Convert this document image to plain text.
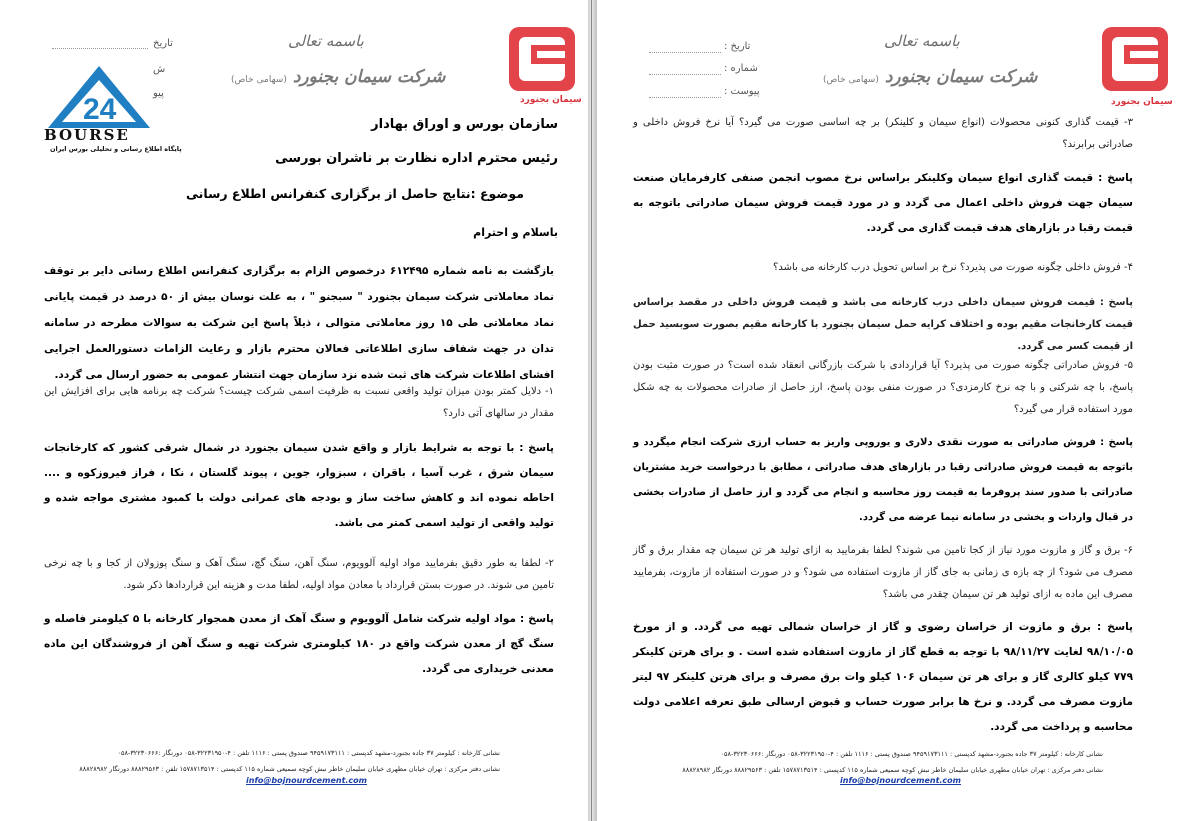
سیمان بجنورد
باسمه تعالی
شرکت سیمان بجنورد(سهامی خاص)
تاریخ
ش
پیو
24
BOURSE
پایگاه اطلاع رسانی و تحلیلی بورس ایران
سازمان بورس و اوراق بهادار
رئیس محترم اداره نظارت بر ناشران بورسی
موضوع :نتایج حاصل از برگزاری کنفرانس اطلاع رسانی
باسلام و احترام
بازگشت به نامه شماره ۶۱۲۴۹۵ درخصوص الزام به برگزاری کنفرانس اطلاع رسانی دایر بر توقف نماد معاملاتی شرکت سیمان بجنورد " سبجنو " ، به علت نوسان بیش از ۵۰ درصد در قیمت پایانی نماد معاملاتی طی ۱۵ روز معاملاتی متوالی ، ذیلاً پاسخ این شرکت به سوالات مطرحه در سامانه تدان در جهت شفاف سازی اطلاعاتی فعالان محترم بازار و رعایت الزامات دستورالعمل اجرایی افشای اطلاعات شرکت های ثبت شده نزد سازمان جهت انتشار عمومی به حضور ارسال می گردد.
۱- دلایل کمتر بودن میزان تولید واقعی نسبت به ظرفیت اسمی شرکت چیست؟ شرکت چه برنامه هایی برای افزایش این مقدار در سالهای آتی دارد؟
پاسخ : با توجه به شرایط بازار و واقع شدن سیمان بجنورد در شمال شرقی کشور که کارخانجات سیمان شرق ، غرب آسیا ، باقران ، سبزوار، جوین ، پیوند گلستان ، نکا ، فراز فیروزکوه و .... احاطه نموده اند و کاهش ساخت ساز و بودجه های عمرانی دولت با کمبود مشتری مواجه شده و تولید واقعی از تولید اسمی کمتر می باشد.
۲- لطفا به طور دقیق بفرمایید مواد اولیه آلوویوم، سنگ آهن، سنگ گچ، سنگ آهک و سنگ پوزولان از کجا و با چه نرخی تامین می شوند. در صورت بستن قرارداد با معادن مواد اولیه، لطفا مدت و هزینه این قراردادها ذکر شود.
پاسخ : مواد اولیه شرکت شامل آلوویوم و سنگ آهک از معدن همجوار کارخانه با ۵ کیلومتر فاصله و سنگ گچ از معدن شرکت واقع در ۱۸۰ کیلومتری شرکت تهیه و سنگ آهن از فروشندگان این ماده معدنی خریداری می گردد.
نشانی کارخانه : کیلومتر ۳۷ جاده بجنورد-مشهد کدپستی : ۹۴۵۹۱۷۳۱۱۱ صندوق پستی : ۱۱۱۶ تلفن : ۴-۳۲۲۳۱۹۵۰-۰۵۸ دورنگار :۳۲۲۳۰۶۶۶-۰۵۸
نشانی دفتر مرکزی : تهران خیابان مطهری خیابان سلیمان خاطر نبش کوچه سمیعی شماره ۱۱۵ کدپستی : ۱۵۷۸۷۱۳۵۱۴ تلفن : ۸۸۸۲۹۵۶۳ دورنگار ۸۸۸۲۸۹۸۲
info@bojnourdcement.com
سیمان بجنورد
باسمه تعالی
شرکت سیمان بجنورد(سهامی خاص)
تاریخ :
شماره :
پیوست :
۳- قیمت گذاری کنونی محصولات (انواع سیمان و کلینکر) بر چه اساسی صورت می گیرد؟ آیا نرخ فروش داخلی و صادراتی برابرند؟
پاسخ : قیمت گذاری انواع سیمان وکلینکر براساس نرخ مصوب انجمن صنفی کارفرمایان صنعت سیمان جهت فروش داخلی اعمال می گردد و در مورد قیمت فروش سیمان صادراتی باتوجه به قیمت رقبا در بازارهای هدف قیمت گذاری می گردد.
۴- فروش داخلی چگونه صورت می پذیرد؟ نرخ بر اساس تحویل درب کارخانه می باشد؟
پاسخ : قیمت فروش سیمان داخلی درب کارخانه می باشد و قیمت فروش داخلی در مقصد براساس قیمت کارخانجات مقیم بوده و اختلاف کرایه حمل سیمان بجنورد با کارخانه مقیم بصورت سوبسید حمل از قیمت کسر می گردد.
۵- فروش صادراتی چگونه صورت می پذیرد؟ آیا قراردادی با شرکت بازرگانی انعقاد شده است؟ در صورت مثبت بودن پاسخ، با چه شرکتی و با چه نرخ کارمزدی؟ در صورت منفی بودن پاسخ، ارز حاصل از صادرات محصولات به چه شکل مورد استفاده قرار می گیرد؟
پاسخ : فروش صادراتی به صورت نقدی دلاری و یوروپی واریز به حساب ارزی شرکت انجام میگردد و باتوجه به قیمت فروش صادراتی رقبا در بازارهای هدف صادراتی ، مطابق با درخواست خرید مشتریان صادراتی با صدور سند پروفرما به قیمت روز محاسبه و انجام می گردد و ارز حاصل از صادرات بخشی در قبال واردات و بخشی در سامانه نیما عرضه می گردد.
۶- برق و گاز و مازوت مورد نیاز از کجا تامین می شوند؟ لطفا بفرمایید به ازای تولید هر تن سیمان چه مقدار برق و گاز مصرف می شود؟ از چه بازه ی زمانی به جای گاز از مازوت استفاده می شود؟ و در صورت استفاده از مازوت، بفرمایید مصرف این ماده به ازای تولید هر تن سیمان چقدر می باشد؟
پاسخ : برق و مازوت از خراسان رضوی و گاز از خراسان شمالی تهیه می گردد. و از مورخ ۹۸/۱۰/۰۵ لغایت ۹۸/۱۱/۲۷ با توجه به قطع گاز از مازوت استفاده شده است . و برای هرتن کلینکر ۷۷۹ کیلو کالری گاز و برای هر تن سیمان ۱۰۶ کیلو وات برق مصرف و برای هرتن کلینکر ۹۷ لیتر مازوت مصرف می گردد. و نرخ ها برابر صورت حساب و قبوض ارسالی طبق تعرفه اعلامی دولت محاسبه و پرداخت می گردد.
نشانی کارخانه : کیلومتر ۳۷ جاده بجنورد-مشهد کدپستی : ۹۴۵۹۱۷۳۱۱۱ صندوق پستی : ۱۱۱۶ تلفن : ۴-۳۲۲۳۱۹۵۰-۰۵۸ دورنگار :۳۲۲۳۰۶۶۶-۰۵۸
نشانی دفتر مرکزی : تهران خیابان مطهری خیابان سلیمان خاطر نبش کوچه سمیعی شماره ۱۱۵ کدپستی : ۱۵۷۸۷۱۳۵۱۴ تلفن : ۸۸۸۲۹۵۶۳ دورنگار ۸۸۸۲۸۹۸۲
info@bojnourdcement.com
